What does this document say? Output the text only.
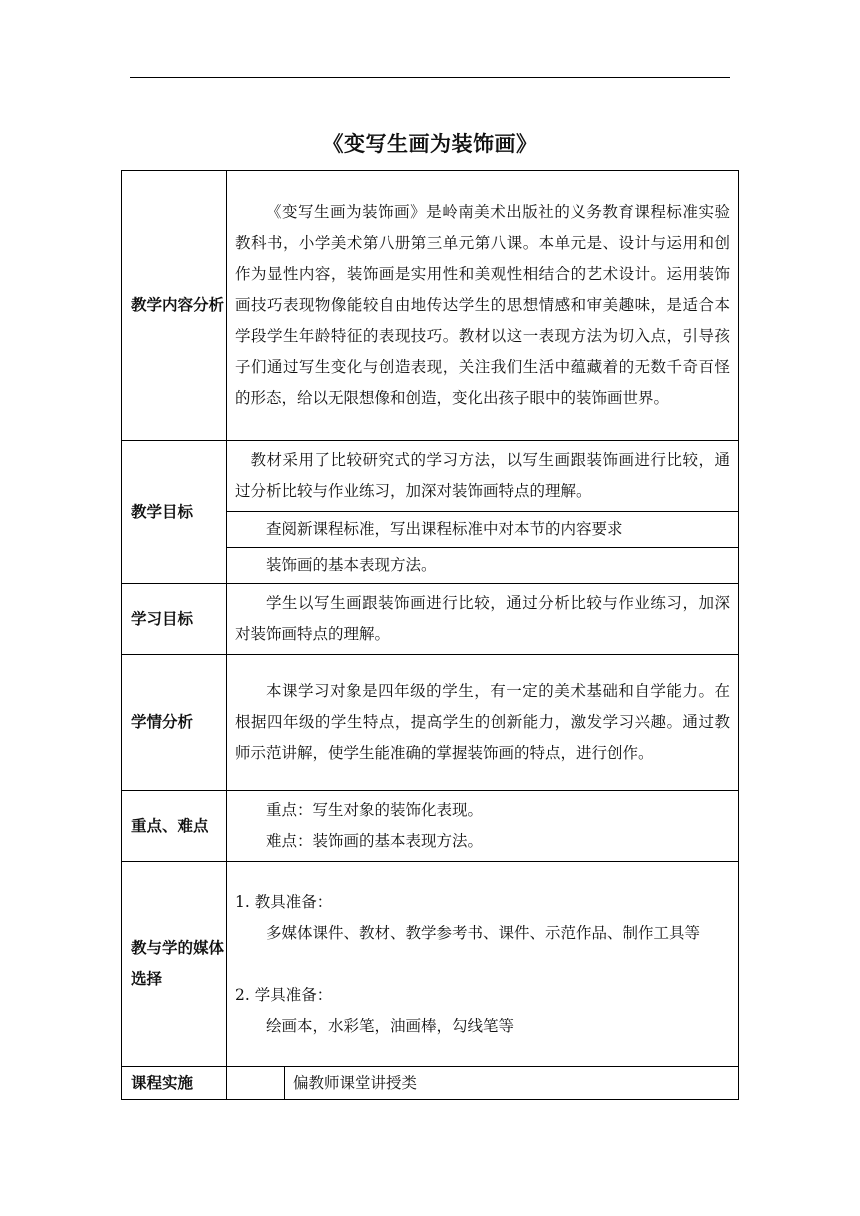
《变写生画为装饰画》
教学内容分析	《变写生画为装饰画》是岭南美术出版社的义务教育课程标准实验教科书，小学美术第八册第三单元第八课。本单元是、设计与运用和创作为显性内容，装饰画是实用性和美观性相结合的艺术设计。运用装饰画技巧表现物像能较自由地传达学生的思想情感和审美趣味，是适合本学段学生年龄特征的表现技巧。教材以这一表现方法为切入点，引导孩子们通过写生变化与创造表现，关注我们生活中蕴藏着的无数千奇百怪的形态，给以无限想像和创造，变化出孩子眼中的装饰画世界。	

教学目标	教材采用了比较研究式的学习方法，以写生画跟装饰画进行比较，通过分析比较与作业练习，加深对装饰画特点的理解。	

	查阅新课程标准，写出课程标准中对本节的内容要求	

	装饰画的基本表现方法。	

学习目标	学生以写生画跟装饰画进行比较，通过分析比较与作业练习，加深对装饰画特点的理解。	

学情分析	本课学习对象是四年级的学生，有一定的美术基础和自学能力。在根据四年级的学生特点，提高学生的创新能力，激发学习兴趣。通过教师示范讲解，使学生能准确的掌握装饰画的特点，进行创作。	

重点、难点	重点：写生对象的装饰化表现。
难点：装饰画的基本表现方法。	

教与学的媒体选择	1. 教具准备：
多媒体课件、教材、教学参考书、课件、示范作品、制作工具等
2. 学具准备：
绘画本，水彩笔，油画棒，勾线笔等	

课程实施		偏教师课堂讲授类
